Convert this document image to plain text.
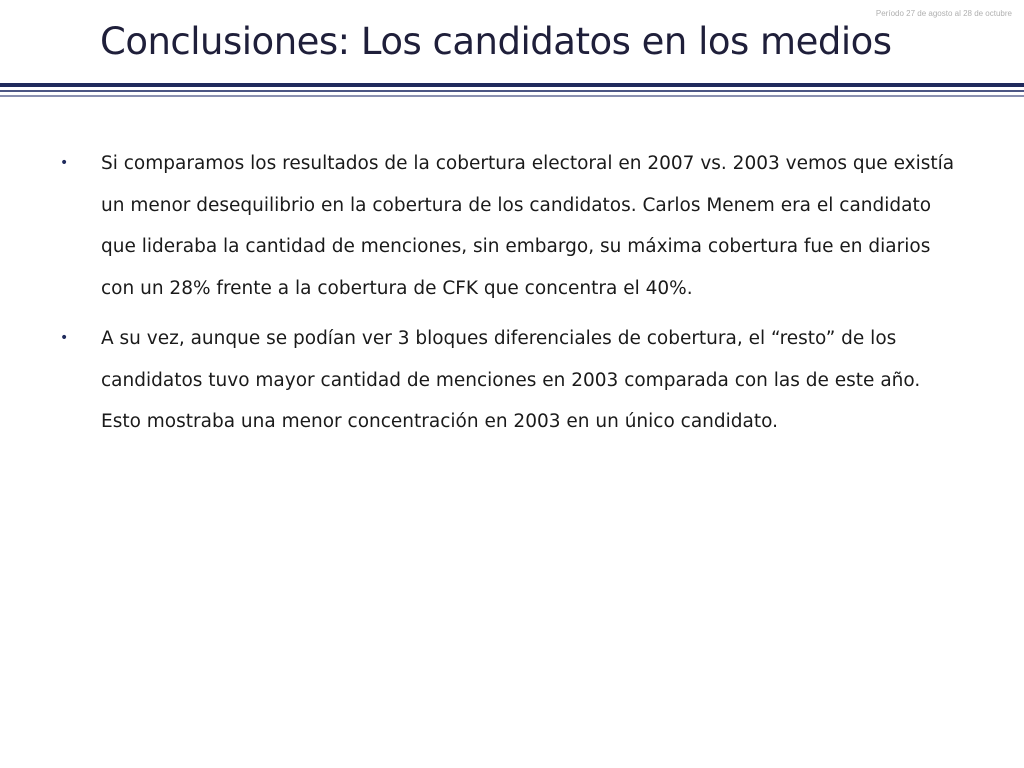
Período 27 de agosto al 28 de octubre
Conclusiones: Los candidatos en los medios
• Si comparamos los resultados de la cobertura electoral en 2007 vs. 2003 vemos que existía un menor desequilibrio en la cobertura de los candidatos. Carlos Menem era el candidato que lideraba la cantidad de menciones, sin embargo, su máxima cobertura fue en diarios con un 28% frente a la cobertura de CFK que concentra el 40%.
• A su vez, aunque se podían ver 3 bloques diferenciales de cobertura, el “resto” de los candidatos tuvo mayor cantidad de menciones en 2003 comparada con las de este año. Esto mostraba una menor concentración en 2003 en un único candidato.
